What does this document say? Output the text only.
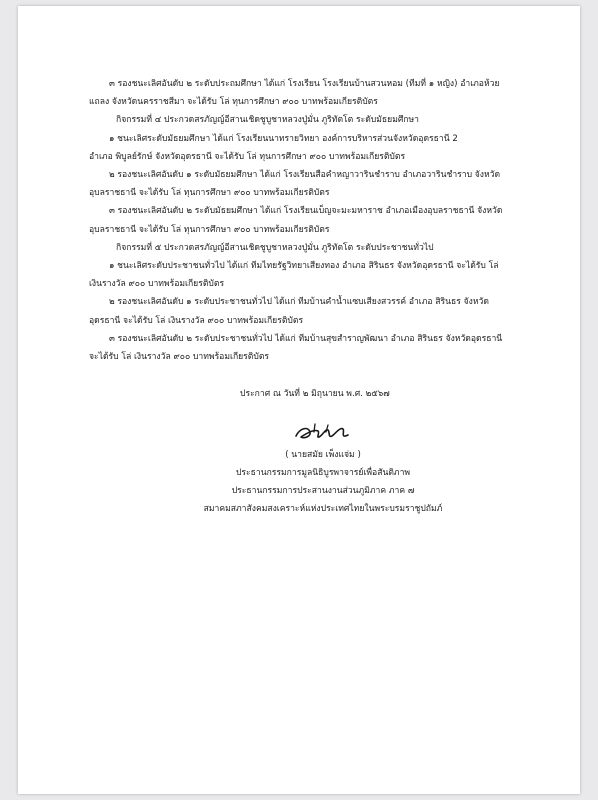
๓ รองชนะเลิศอันดับ ๒ ระดับประถมศึกษา ได้แก่ โรงเรียน โรงเรียนบ้านสวนหอม (ทีมที่ ๑ หญิง) อำเภอห้วย

แถลง จังหวัดนครราชสีมา จะได้รับ โล่ ทุนการศึกษา ๙๐๐ บาทพร้อมเกียรติบัตร

กิจกรรมที่ ๔ ประกวดสรภัญญ์อีสานเชิดชูบูชาหลวงปู่มั่น ภูริทัตโต ระดับมัธยมศึกษา

๑ ชนะเลิศระดับมัธยมศึกษา ได้แก่ โรงเรียนนาทรายวิทยา องค์การบริหารส่วนจังหวัดอุดรธานี 2

อำเภอ พิบูลย์รักษ์ จังหวัดอุดรธานี จะได้รับ โล่ ทุนการศึกษา ๙๐๐ บาทพร้อมเกียรติบัตร

๒ รองชนะเลิศอันดับ ๑ ระดับมัธยมศึกษา ได้แก่ โรงเรียนสือคำหญาวารินชำราบ อำเภอวารินชำราบ จังหวัด

อุบลราชธานี จะได้รับ โล่ ทุนการศึกษา ๙๐๐ บาทพร้อมเกียรติบัตร

๓ รองชนะเลิศอันดับ ๒ ระดับมัธยมศึกษา ได้แก่ โรงเรียนเบ็ญจะมะมหาราช อำเภอเมืองอุบลราชธานี จังหวัด

อุบลราชธานี จะได้รับ โล่ ทุนการศึกษา ๙๐๐ บาทพร้อมเกียรติบัตร

กิจกรรมที่ ๕ ประกวดสรภัญญ์อีสานเชิดชูบูชาหลวงปู่มั่น ภูริทัตโต ระดับประชาชนทั่วไป

๑ ชนะเลิศระดับประชาชนทั่วไป ได้แก่ ทีมไทยรัฐวิทยาเสียงทอง อำเภอ สิรินธร จังหวัดอุดรธานี จะได้รับ โล่

เงินรางวัล ๙๐๐ บาทพร้อมเกียรติบัตร

๒ รองชนะเลิศอันดับ ๑ ระดับประชาชนทั่วไป ได้แก่ ทีมบ้านคำน้ำแซบเสียงสวรรค์ อำเภอ สิรินธร จังหวัด

อุดรธานี จะได้รับ โล่ เงินรางวัล ๙๐๐ บาทพร้อมเกียรติบัตร

๓ รองชนะเลิศอันดับ ๒ ระดับประชาชนทั่วไป ได้แก่ ทีมบ้านสุขสำราญพัฒนา อำเภอ สิรินธร จังหวัดอุดรธานี

จะได้รับ โล่ เงินรางวัล ๙๐๐ บาทพร้อมเกียรติบัตร

ประกาศ ณ วันที่ ๒ มิถุนายน พ.ศ. ๒๕๖๗
( นายสมัย เพ็งแจ่ม )
ประธานกรรมการมูลนิธิบูรพาจารย์เพื่อสันติภาพ
ประธานกรรมการประสานงานส่วนภูมิภาค ภาค ๗
สมาคมสภาสังคมสงเคราะห์แห่งประเทศไทยในพระบรมราชูปถัมภ์
